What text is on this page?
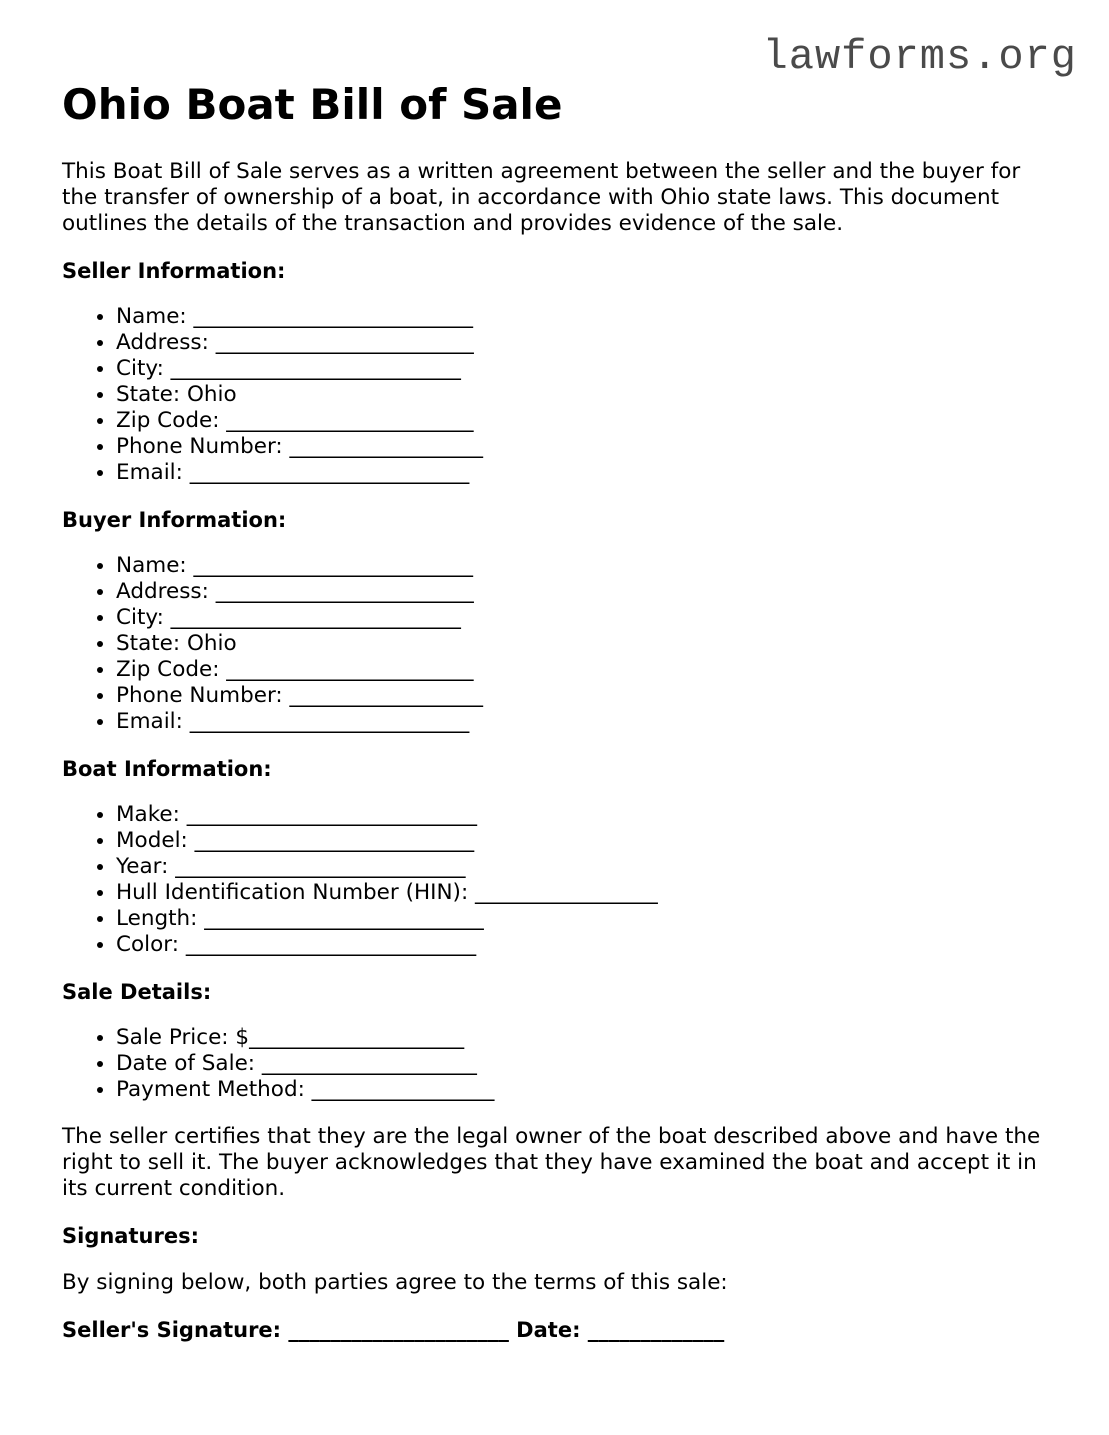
lawforms.org
Ohio Boat Bill of Sale

This Boat Bill of Sale serves as a written agreement between the seller and the buyer for the transfer of ownership of a boat, in accordance with Ohio state laws. This document outlines the details of the transaction and provides evidence of the sale.

Seller Information:
• Name: __________________________
• Address: ________________________
• City: ___________________________
• State: Ohio
• Zip Code: _______________________
• Phone Number: __________________
• Email: __________________________
Buyer Information:
• Name: __________________________
• Address: ________________________
• City: ___________________________
• State: Ohio
• Zip Code: _______________________
• Phone Number: __________________
• Email: __________________________
Boat Information:
• Make: ___________________________
• Model: __________________________
• Year: ___________________________
• Hull Identification Number (HIN): _________________
• Length: __________________________
• Color: ___________________________
Sale Details:
• Sale Price: $____________________
• Date of Sale: ____________________
• Payment Method: _________________

The seller certifies that they are the legal owner of the boat described above and have the right to sell it. The buyer acknowledges that they have examined the boat and accept it in its current condition.

Signatures:

By signing below, both parties agree to the terms of this sale:

Seller's Signature: _____________________ Date: _____________
